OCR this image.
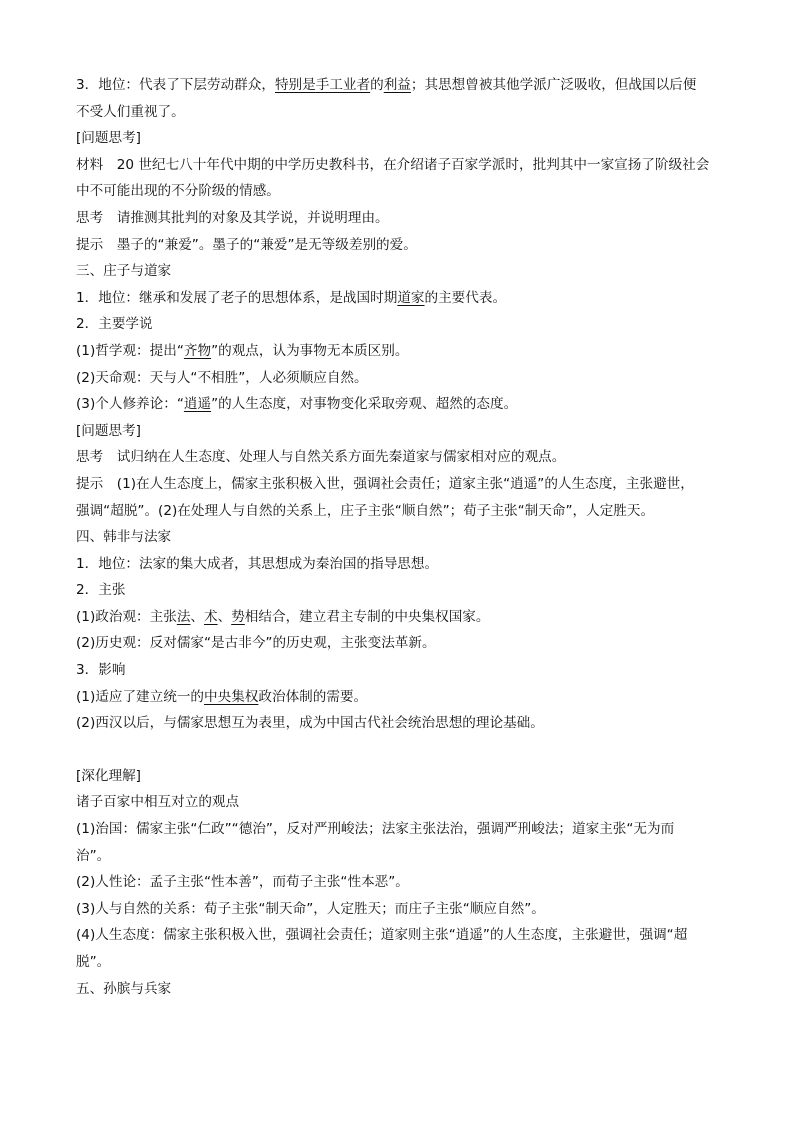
3．地位：代表了下层劳动群众，特别是手工业者的利益；其思想曾被其他学派广泛吸收，但战国以后便

不受人们重视了。

[问题思考]

材料　20 世纪七八十年代中期的中学历史教科书，在介绍诸子百家学派时，批判其中一家宣扬了阶级社会

中不可能出现的不分阶级的情感。

思考　请推测其批判的对象及其学说，并说明理由。

提示　墨子的“兼爱”。墨子的“兼爱”是无等级差别的爱。

三、庄子与道家

1．地位：继承和发展了老子的思想体系，是战国时期道家的主要代表。

2．主要学说

(1)哲学观：提出“齐物”的观点，认为事物无本质区别。

(2)天命观：天与人“不相胜”，人必须顺应自然。

(3)个人修养论：“逍遥”的人生态度，对事物变化采取旁观、超然的态度。

[问题思考]

思考　试归纳在人生态度、处理人与自然关系方面先秦道家与儒家相对应的观点。

提示　(1)在人生态度上，儒家主张积极入世，强调社会责任；道家主张“逍遥”的人生态度，主张避世，

强调“超脱”。(2)在处理人与自然的关系上，庄子主张“顺自然”；荀子主张“制天命”，人定胜天。

四、韩非与法家

1．地位：法家的集大成者，其思想成为秦治国的指导思想。

2．主张

(1)政治观：主张法、术、势相结合，建立君主专制的中央集权国家。

(2)历史观：反对儒家“是古非今”的历史观，主张变法革新。

3．影响

(1)适应了建立统一的中央集权政治体制的需要。

(2)西汉以后，与儒家思想互为表里，成为中国古代社会统治思想的理论基础。

[深化理解]

诸子百家中相互对立的观点

(1)治国：儒家主张“仁政”“德治”，反对严刑峻法；法家主张法治，强调严刑峻法；道家主张“无为而

治”。

(2)人性论：孟子主张“性本善”，而荀子主张“性本恶”。

(3)人与自然的关系：荀子主张“制天命”，人定胜天；而庄子主张“顺应自然”。

(4)人生态度：儒家主张积极入世，强调社会责任；道家则主张“逍遥”的人生态度，主张避世，强调“超

脱”。

五、孙膑与兵家
